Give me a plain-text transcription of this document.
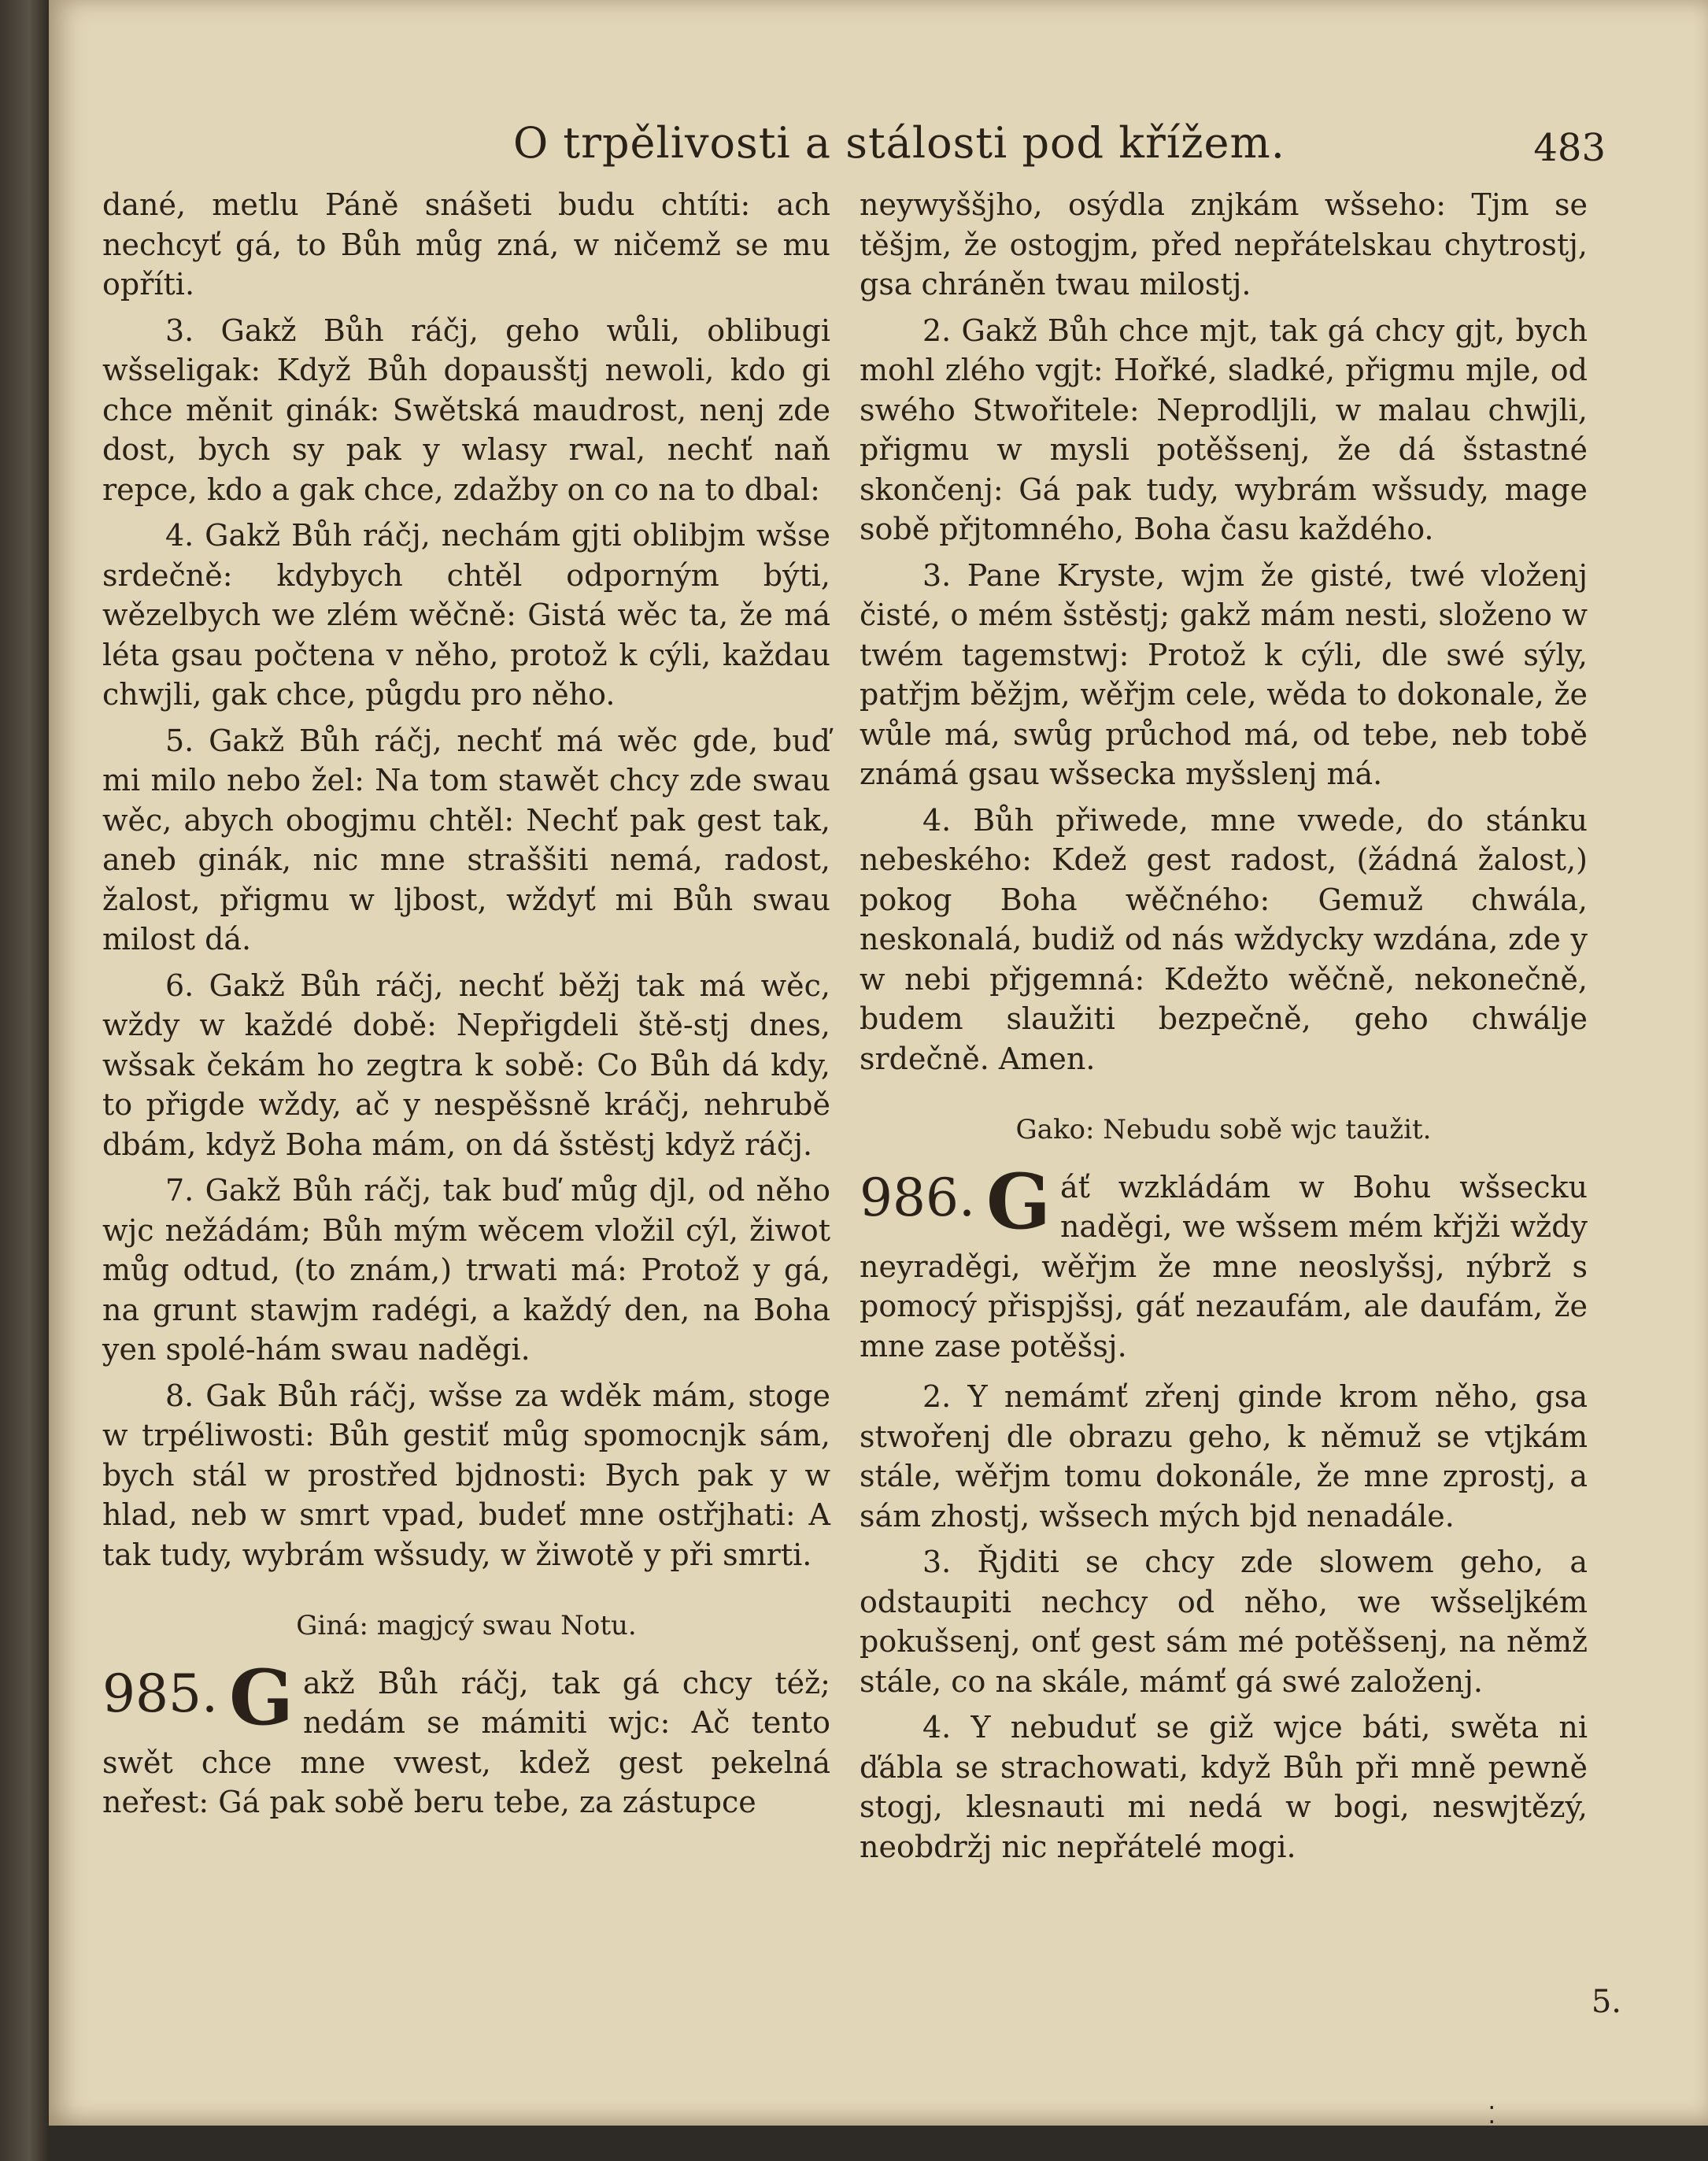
O trpělivosti a stálosti pod křížem.	483

dané, metlu Páně snášeti budu chtíti: ach nechcyť gá, to Bůh můg zná, w ničemž se mu opříti.

3. Gakž Bůh ráčj, geho wůli, oblibugi wšseligak: Když Bůh dopausštj newoli, kdo gi chce měnit ginák: Swětská maudrost, nenj zde dost, bych sy pak y wlasy rwal, nechť naň repce, kdo a gak chce, zdažby on co na to dbal:

4. Gakž Bůh ráčj, nechám gjti oblibjm wšse srdečně: kdybych chtěl odporným býti, wězelbych we zlém wěčně: Gistá wěc ta, že má léta gsau počtena v něho, protož k cýli, každau chwjli, gak chce, půgdu pro něho.

5. Gakž Bůh ráčj, nechť má wěc gde, buď mi milo nebo žel: Na tom stawět chcy zde swau wěc, abych obogjmu chtěl: Nechť pak gest tak, aneb ginák, nic mne straššiti nemá, radost, žalost, přigmu w ljbost, wždyť mi Bůh swau milost dá.

6. Gakž Bůh ráčj, nechť běžj tak má wěc, wždy w každé době: Nepřigdeli ště-stj dnes, wšsak čekám ho zegtra k sobě: Co Bůh dá kdy, to přigde wždy, ač y nespěšsně kráčj, nehrubě dbám, když Boha mám, on dá šstěstj když ráčj.

7. Gakž Bůh ráčj, tak buď můg djl, od něho wjc nežádám; Bůh mým wěcem vložil cýl, žiwot můg odtud, (to znám,) trwati má: Protož y gá, na grunt stawjm radégi, a každý den, na Boha yen spolé-hám swau naděgi.

8. Gak Bůh ráčj, wšse za wděk mám, stoge w trpéliwosti: Bůh gestiť můg spomocnjk sám, bych stál w prostřed bjdnosti: Bych pak y w hlad, neb w smrt vpad, budeť mne ostřjhati: A tak tudy, wybrám wšsudy, w žiwotě y při smrti.

Giná: magjcý swau Notu.
985. G akž Bůh ráčj, tak gá chcy též; nedám se mámiti wjc: Ač tento swět chce mne vwest, kdež gest pekelná neřest: Gá pak sobě beru tebe, za zástupce

neywyššjho, osýdla znjkám wšseho: Tjm se těšjm, že ostogjm, před nepřátelskau chytrostj, gsa chráněn twau milostj.

2. Gakž Bůh chce mjt, tak gá chcy gjt, bych mohl zlého vgjt: Hořké, sladké, přigmu mjle, od swého Stwořitele: Neprodljli, w malau chwjli, přigmu w mysli potěšsenj, že dá šstastné skončenj: Gá pak tudy, wybrám wšsudy, mage sobě přjtomného, Boha času každého.

3. Pane Kryste, wjm že gisté, twé vloženj čisté, o mém šstěstj; gakž mám nesti, složeno w twém tagemstwj: Protož k cýli, dle swé sýly, patřjm běžjm, wěřjm cele, wěda to dokonale, že wůle má, swůg průchod má, od tebe, neb tobě známá gsau wšsecka myšslenj má.

4. Bůh přiwede, mne vwede, do stánku nebeského: Kdež gest radost, (žádná žalost,) pokog Boha wěčného: Gemuž chwála, neskonalá, budiž od nás wždycky wzdána, zde y w nebi přjgemná: Kdežto wěčně, nekonečně, budem slaužiti bezpečně, geho chwálje srdečně. Amen.

Gako: Nebudu sobě wjc taužit.
986. G áť wzkládám w Bohu wšsecku naděgi, we wšsem mém křjži wždy neyraděgi, wěřjm že mne neoslyšsj, nýbrž s pomocý přispjšsj, gáť nezaufám, ale daufám, že mne zase potěšsj.

2. Y nemámť zřenj ginde krom něho, gsa stwořenj dle obrazu geho, k němuž se vtjkám stále, wěřjm tomu dokonále, že mne zprostj, a sám zhostj, wšsech mých bjd nenadále.

3. Řjditi se chcy zde slowem geho, a odstaupiti nechcy od něho, we wšseljkém pokušsenj, onť gest sám mé potěšsenj, na němž stále, co na skále, mámť gá swé založenj.

4. Y nebuduť se giž wjce báti, swěta ni ďábla se strachowati, když Bůh při mně pewně stogj, klesnauti mi nedá w bogi, neswjtězý, neobdržj nic nepřátelé mogi.

5.
⁚
